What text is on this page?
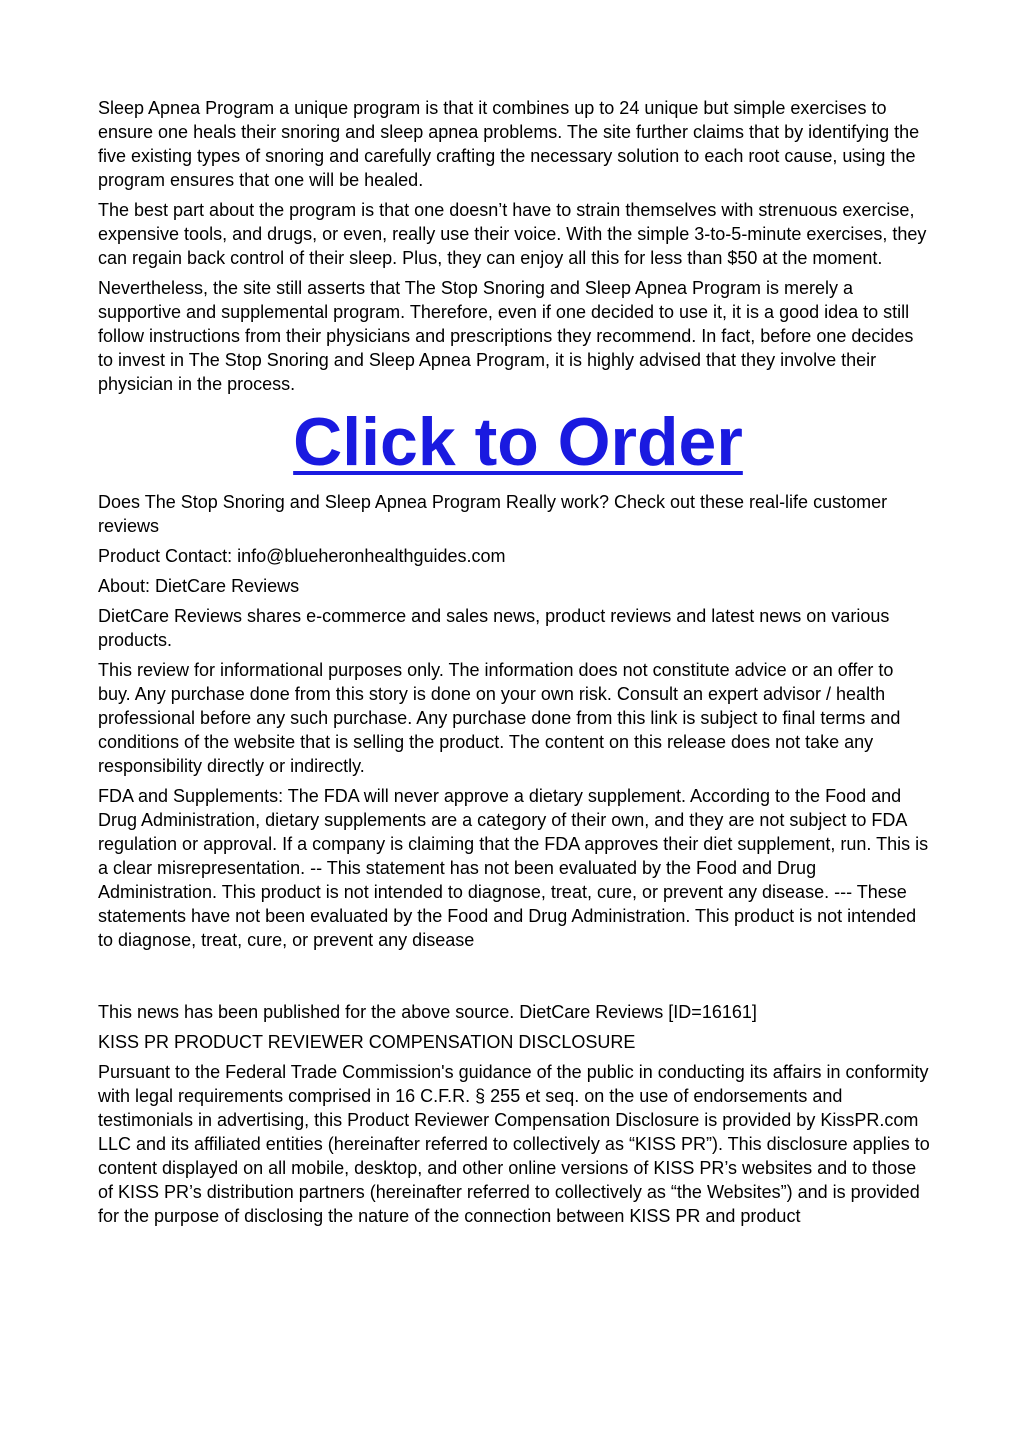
Sleep Apnea Program a unique program is that it combines up to 24 unique but simple exercises to ensure one heals their snoring and sleep apnea problems. The site further claims that by identifying the five existing types of snoring and carefully crafting the necessary solution to each root cause, using the program ensures that one will be healed.

The best part about the program is that one doesn’t have to strain themselves with strenuous exercise, expensive tools, and drugs, or even, really use their voice. With the simple 3-to-5-minute exercises, they can regain back control of their sleep. Plus, they can enjoy all this for less than $50 at the moment.

Nevertheless, the site still asserts that The Stop Snoring and Sleep Apnea Program is merely a supportive and supplemental program. Therefore, even if one decided to use it, it is a good idea to still follow instructions from their physicians and prescriptions they recommend. In fact, before one decides to invest in The Stop Snoring and Sleep Apnea Program, it is highly advised that they involve their physician in the process.

Click to Order

Does The Stop Snoring and Sleep Apnea Program Really work? Check out these real-life customer reviews

Product Contact: info@blueheronhealthguides.com

About: DietCare Reviews

DietCare Reviews shares e-commerce and sales news, product reviews and latest news on various products.

This review for informational purposes only. The information does not constitute advice or an offer to buy. Any purchase done from this story is done on your own risk. Consult an expert advisor / health professional before any such purchase. Any purchase done from this link is subject to final terms and conditions of the website that is selling the product. The content on this release does not take any responsibility directly or indirectly.

FDA and Supplements: The FDA will never approve a dietary supplement. According to the Food and Drug Administration, dietary supplements are a category of their own, and they are not subject to FDA regulation or approval. If a company is claiming that the FDA approves their diet supplement, run. This is a clear misrepresentation. -- This statement has not been evaluated by the Food and Drug Administration. This product is not intended to diagnose, treat, cure, or prevent any disease. --- These statements have not been evaluated by the Food and Drug Administration. This product is not intended to diagnose, treat, cure, or prevent any disease

This news has been published for the above source. DietCare Reviews [ID=16161]

KISS PR PRODUCT REVIEWER COMPENSATION DISCLOSURE

Pursuant to the Federal Trade Commission's guidance of the public in conducting its affairs in conformity with legal requirements comprised in 16 C.F.R. § 255 et seq. on the use of endorsements and testimonials in advertising, this Product Reviewer Compensation Disclosure is provided by KissPR.com LLC and its affiliated entities (hereinafter referred to collectively as “KISS PR”). This disclosure applies to content displayed on all mobile, desktop, and other online versions of KISS PR’s websites and to those of KISS PR’s distribution partners (hereinafter referred to collectively as “the Websites”) and is provided for the purpose of disclosing the nature of the connection between KISS PR and product
